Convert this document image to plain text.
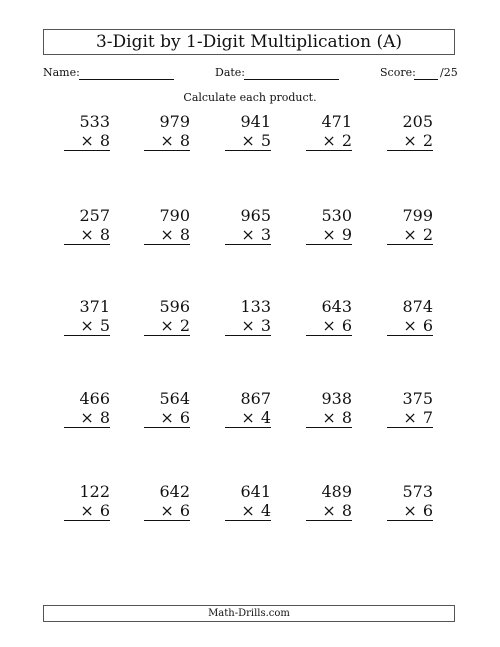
3-Digit by 1-Digit Multiplication (A)
Name:	Date:	Score: /25
Calculate each product.
533
× 8
979
× 8
941
× 5
471
× 2
205
× 2
257
× 8
790
× 8
965
× 3
530
× 9
799
× 2
371
× 5
596
× 2
133
× 3
643
× 6
874
× 6
466
× 8
564
× 6
867
× 4
938
× 8
375
× 7
122
× 6
642
× 6
641
× 4
489
× 8
573
× 6
Math-Drills.com
